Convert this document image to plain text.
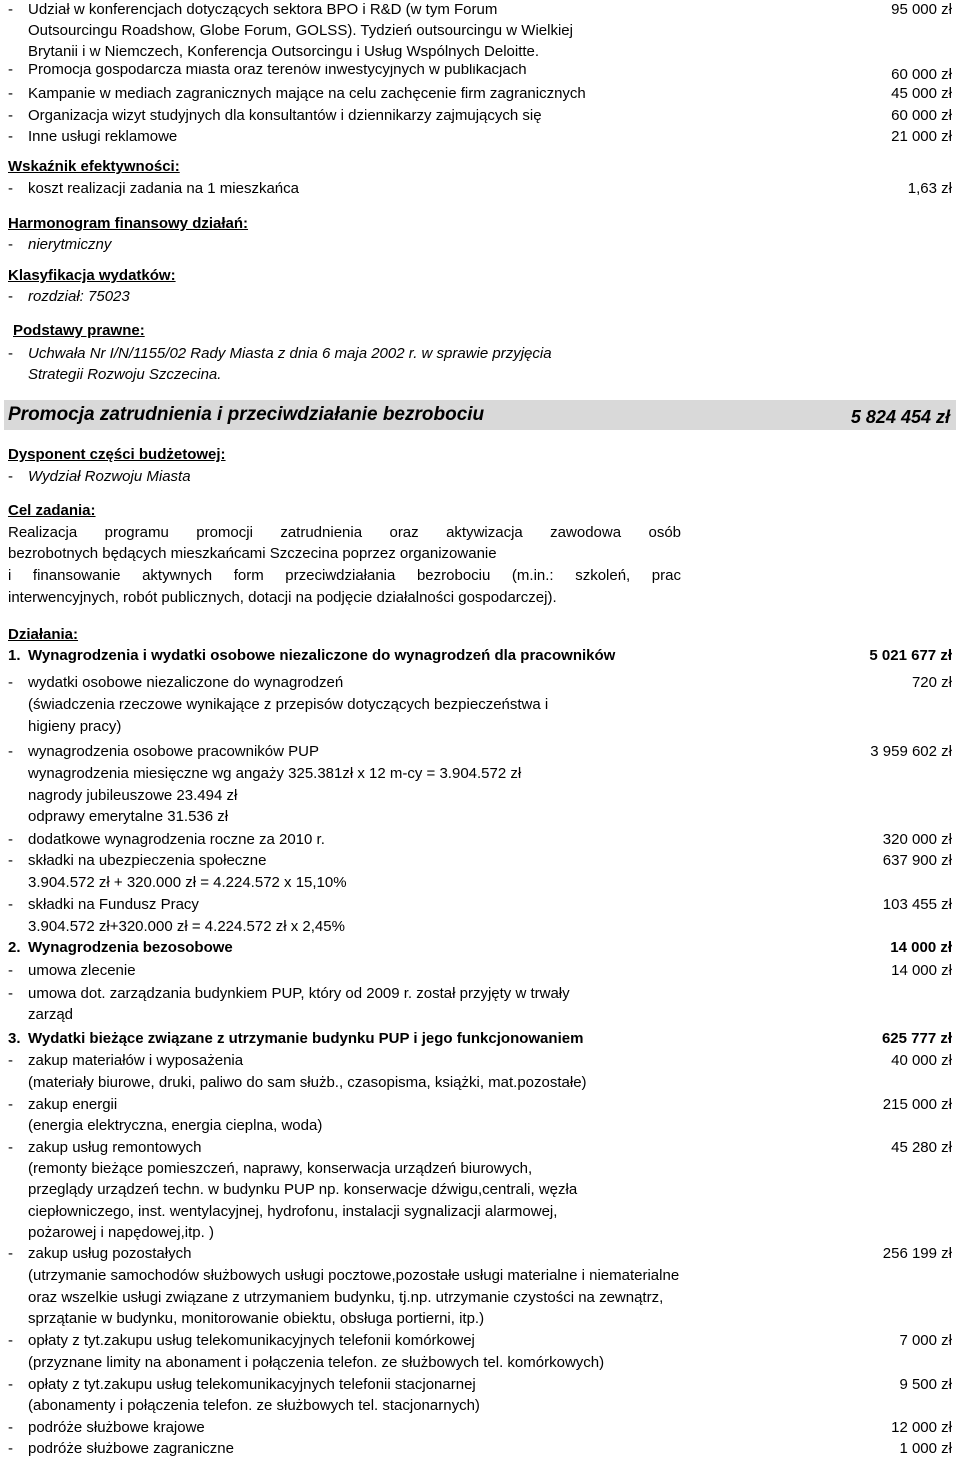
- Udział w konferencjach dotyczących sektora BPO i R&D (w tym Forum	95 000 zł
Outsourcingu Roadshow, Globe Forum, GOLSS). Tydzień outsourcingu w Wielkiej
Brytanii i w Niemczech, Konferencja Outsorcingu i Usług Wspólnych Deloitte.
- Promocja gospodarcza miasta oraz terenów inwestycyjnych w publikacjach	60 000 zł
- Kampanie w mediach zagranicznych mające na celu zachęcenie firm zagranicznych	45 000 zł
- Organizacja wizyt studyjnych dla konsultantów i dziennikarzy zajmujących się	60 000 zł
- Inne usługi reklamowe	21 000 zł
Wskaźnik efektywności:
- koszt realizacji zadania na 1 mieszkańca	1,63 zł
Harmonogram finansowy działań:
- nierytmiczny
Klasyfikacja wydatków:
- rozdział: 75023
Podstawy prawne:
- Uchwała Nr I/N/1155/02 Rady Miasta z dnia 6 maja 2002 r. w sprawie przyjęcia
Strategii Rozwoju Szczecina.
Promocja zatrudnienia i przeciwdziałanie bezrobociu	5 824 454 zł
Dysponent części budżetowej:
- Wydział Rozwoju Miasta
Cel zadania:
Realizacja programu promocji zatrudnienia oraz aktywizacja zawodowa osób
bezrobotnych będących mieszkańcami Szczecina poprzez organizowanie
i finansowanie aktywnych form przeciwdziałania bezrobociu (m.in.: szkoleń, prac
interwencyjnych, robót publicznych, dotacji na podjęcie działalności gospodarczej).
Działania:
1. Wynagrodzenia i wydatki osobowe niezaliczone do wynagrodzeń dla pracowników	5 021 677 zł
- wydatki osobowe niezaliczone do wynagrodzeń	720 zł
(świadczenia rzeczowe wynikające z przepisów dotyczących bezpieczeństwa i
higieny pracy)
- wynagrodzenia osobowe pracowników PUP	3 959 602 zł
wynagrodzenia miesięczne wg angaży 325.381zł x 12 m-cy = 3.904.572 zł
nagrody jubileuszowe 23.494 zł
odprawy emerytalne 31.536 zł
- dodatkowe wynagrodzenia roczne za 2010 r.	320 000 zł
- składki na ubezpieczenia społeczne	637 900 zł
3.904.572 zł + 320.000 zł = 4.224.572 x 15,10%
- składki na Fundusz Pracy	103 455 zł
3.904.572 zł+320.000 zł = 4.224.572 zł x 2,45%
2. Wynagrodzenia bezosobowe	14 000 zł
- umowa zlecenie	14 000 zł
- umowa dot. zarządzania budynkiem PUP, który od 2009 r. został przyjęty w trwały
zarząd
3. Wydatki bieżące związane z utrzymanie budynku PUP i jego funkcjonowaniem	625 777 zł
- zakup materiałów i wyposażenia	40 000 zł
(materiały biurowe, druki, paliwo do sam służb., czasopisma, książki, mat.pozostałe)
- zakup energii	215 000 zł
(energia elektryczna, energia cieplna, woda)
- zakup usług remontowych	45 280 zł
(remonty bieżące pomieszczeń, naprawy, konserwacja urządzeń biurowych,
przeglądy urządzeń techn. w budynku PUP np. konserwacje dźwigu,centrali, węzła
ciepłowniczego, inst. wentylacyjnej, hydrofonu, instalacji sygnalizacji alarmowej,
pożarowej i napędowej,itp. )
- zakup usług pozostałych	256 199 zł
(utrzymanie samochodów służbowych usługi pocztowe,pozostałe usługi materialne i niematerialne
oraz wszelkie usługi związane z utrzymaniem budynku, tj.np. utrzymanie czystości na zewnątrz,
sprzątanie w budynku, monitorowanie obiektu, obsługa portierni, itp.)
- opłaty z tyt.zakupu usług telekomunikacyjnych telefonii komórkowej	7 000 zł
(przyznane limity na abonament i połączenia telefon. ze służbowych tel. komórkowych)
- opłaty z tyt.zakupu usług telekomunikacyjnych telefonii stacjonarnej	9 500 zł
(abonamenty i połączenia telefon. ze służbowych tel. stacjonarnych)
- podróże służbowe krajowe	12 000 zł
- podróże służbowe zagraniczne	1 000 zł
